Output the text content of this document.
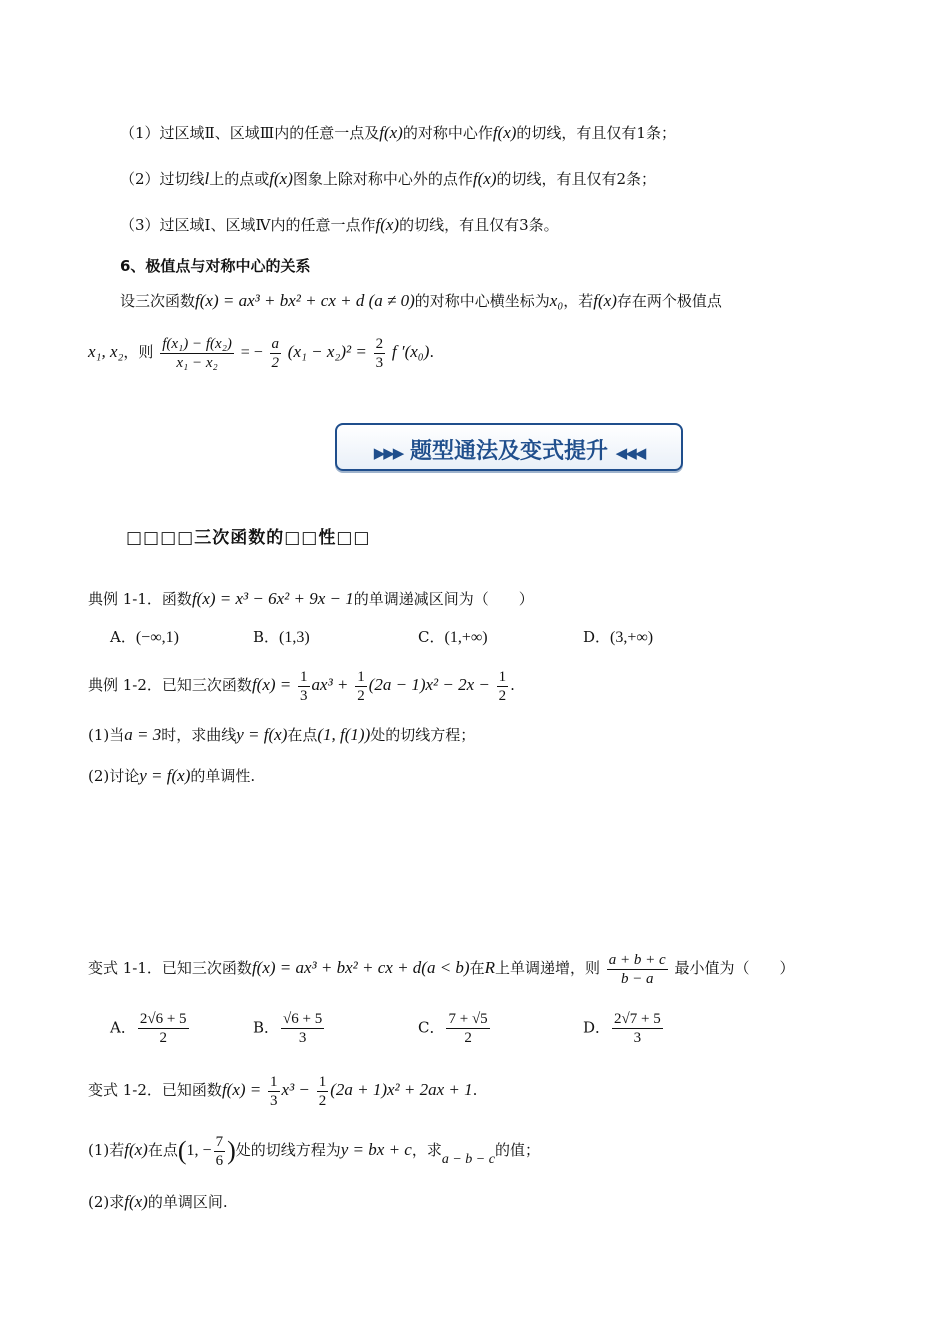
（1）过区域Ⅱ、区域Ⅲ内的任意一点及f(x)的对称中心作f(x)的切线，有且仅有1条；
（2）过切线l上的点或f(x)图象上除对称中心外的点作f(x)的切线，有且仅有2条；
（3）过区域Ⅰ、区域Ⅳ内的任意一点作f(x)的切线，有且仅有3条。
6、极值点与对称中心的关系
设三次函数f(x) = ax³ + bx² + cx + d (a ≠ 0)的对称中心横坐标为x₀，若f(x)存在两个极值点
x₁, x₂，则 $\frac{\text{f(x₁) − f(x₂)}}{\text{x₁ − x₂}}$ = − $\frac{a}{2} (x_1 - x_2)^2 = \frac{2}{3}$ f ′(x₀).
▶▶▶ 题型通法及变式提升 ◀◀◀
□□□□三次函数的□□性□□
典例 1-1．函数f(x) = x³ − 6x² + 9x − 1的单调递减区间为（　　）
A．(−∞,1)	B．(1,3)	C．(1,+∞)	D．(3,+∞)
典例 1-2．已知三次函数$f(x) = \frac{1}{3} ax^3 + \frac{1}{2} (2a - 1)x^2 - 2x - \frac{1}{2}$ .
(1)当a = 3时，求曲线y = f(x)在点(1, f(1))处的切线方程；
(2)讨论y = f(x)的单调性.
变式 1-1．已知三次函数f(x) = ax³ + bx² + cx + d(a < b)在R上单调递增，则 $\frac{a + b + c}{b - a}$ 最小值为（　　）
A． $\frac{2√6 + 5}{2}$	B． $\frac{√6 + 5}{3}$	C． $\frac{7 + √5}{2}$	D． $\frac{2√7 + 5}{3}$
变式 1-2．已知函数$f(x) = \frac{1}{3} x^3 - \frac{1}{2} (2a + 1)x^2 + 2ax + 1$.
(1)若f(x)在点(1, − $\frac{7}{6}$ )处的切线方程为y = bx + c，求a − b − c的值；
(2)求f(x)的单调区间.
